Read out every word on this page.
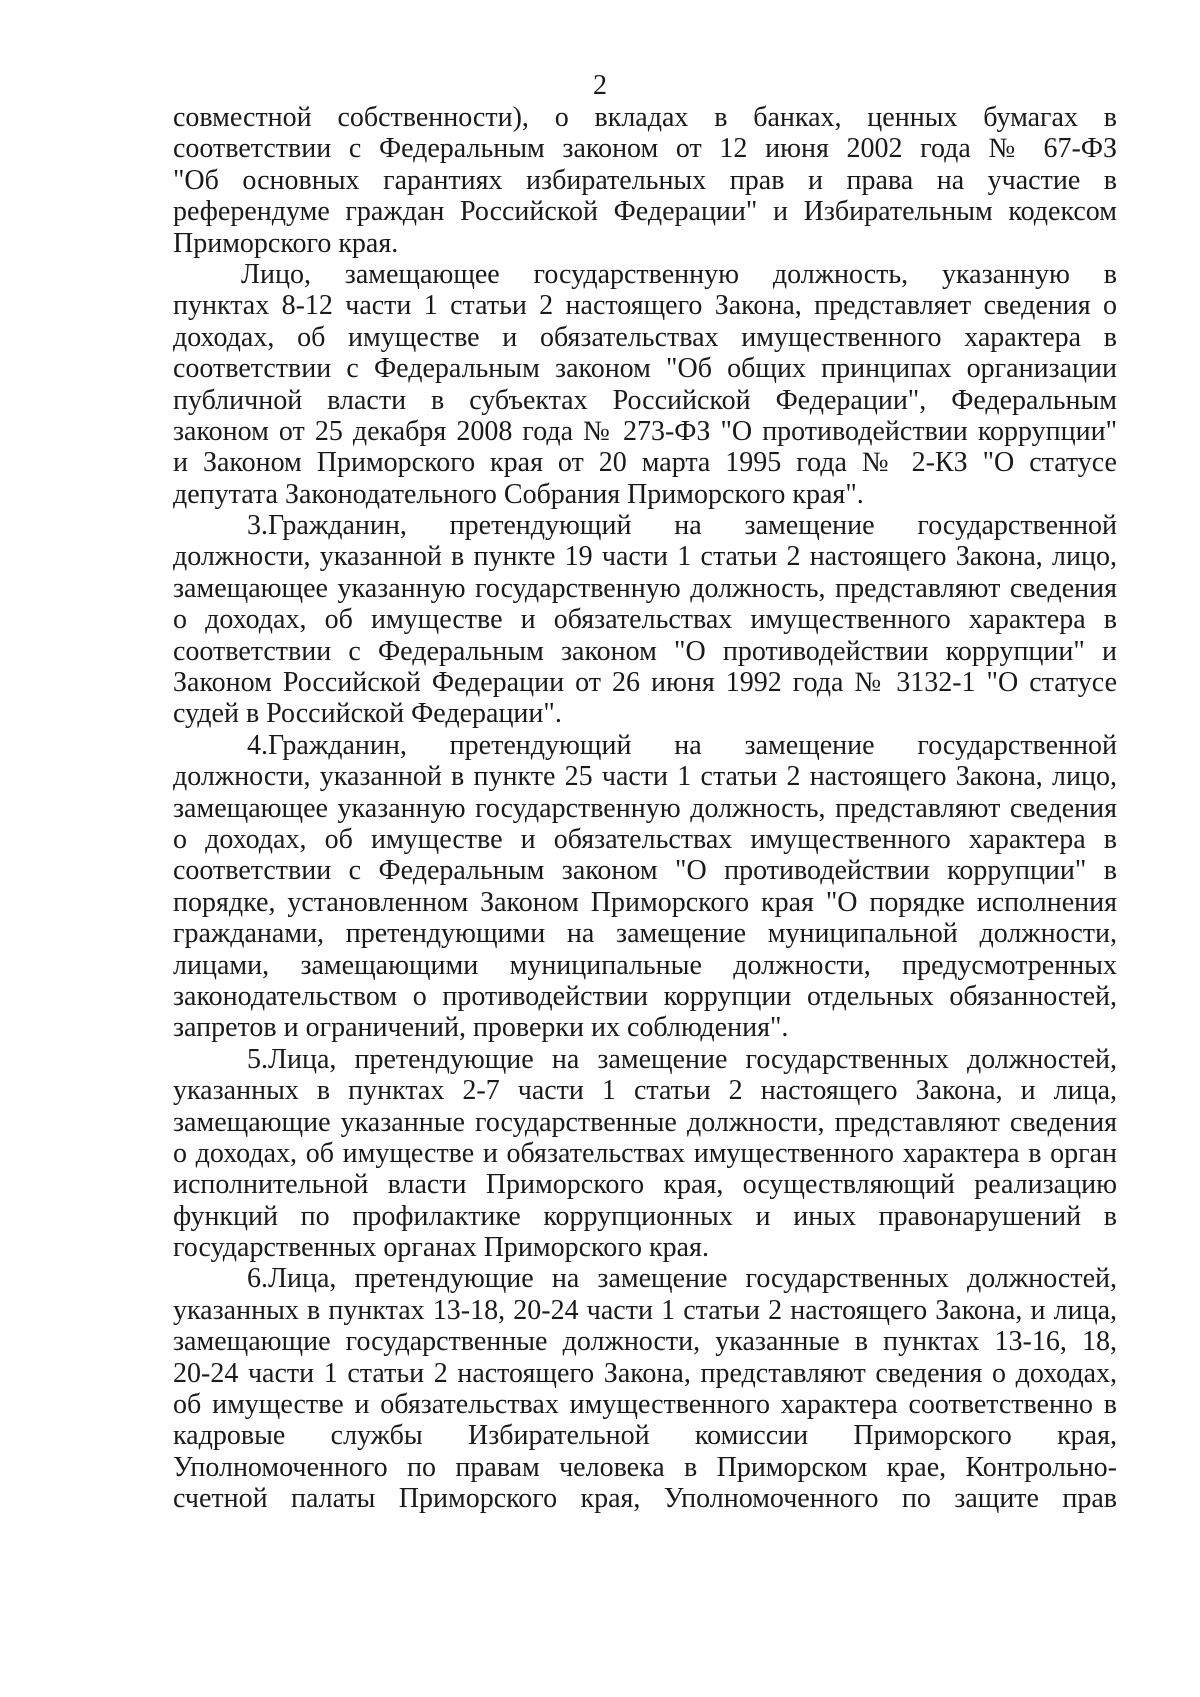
2
совместной собственности), о вкладах в банках, ценных бумагах в
соответствии с Федеральным законом от 12 июня 2002 года № 67-ФЗ
"Об основных гарантиях избирательных прав и права на участие в
референдуме граждан Российской Федерации" и Избирательным кодексом
Приморского края.
Лицо, замещающее государственную должность, указанную в
пунктах 8-12 части 1 статьи 2 настоящего Закона, представляет сведения о
доходах, об имуществе и обязательствах имущественного характера в
соответствии с Федеральным законом "Об общих принципах организации
публичной власти в субъектах Российской Федерации", Федеральным
законом от 25 декабря 2008 года № 273-ФЗ "О противодействии коррупции"
и Законом Приморского края от 20 марта 1995 года № 2-КЗ "О статусе
депутата Законодательного Собрания Приморского края".
3.Гражданин, претендующий на замещение государственной
должности, указанной в пункте 19 части 1 статьи 2 настоящего Закона, лицо,
замещающее указанную государственную должность, представляют сведения
о доходах, об имуществе и обязательствах имущественного характера в
соответствии с Федеральным законом "О противодействии коррупции" и
Законом Российской Федерации от 26 июня 1992 года № 3132-1 "О статусе
судей в Российской Федерации".
4.Гражданин, претендующий на замещение государственной
должности, указанной в пункте 25 части 1 статьи 2 настоящего Закона, лицо,
замещающее указанную государственную должность, представляют сведения
о доходах, об имуществе и обязательствах имущественного характера в
соответствии с Федеральным законом "О противодействии коррупции" в
порядке, установленном Законом Приморского края "О порядке исполнения
гражданами, претендующими на замещение муниципальной должности,
лицами, замещающими муниципальные должности, предусмотренных
законодательством о противодействии коррупции отдельных обязанностей,
запретов и ограничений, проверки их соблюдения".
5.Лица, претендующие на замещение государственных должностей,
указанных в пунктах 2-7 части 1 статьи 2 настоящего Закона, и лица,
замещающие указанные государственные должности, представляют сведения
о доходах, об имуществе и обязательствах имущественного характера в орган
исполнительной власти Приморского края, осуществляющий реализацию
функций по профилактике коррупционных и иных правонарушений в
государственных органах Приморского края.
6.Лица, претендующие на замещение государственных должностей,
указанных в пунктах 13-18, 20-24 части 1 статьи 2 настоящего Закона, и лица,
замещающие государственные должности, указанные в пунктах 13-16, 18,
20-24 части 1 статьи 2 настоящего Закона, представляют сведения о доходах,
об имуществе и обязательствах имущественного характера соответственно в
кадровые службы Избирательной комиссии Приморского края,
Уполномоченного по правам человека в Приморском крае, Контрольно-
счетной палаты Приморского края, Уполномоченного по защите прав
